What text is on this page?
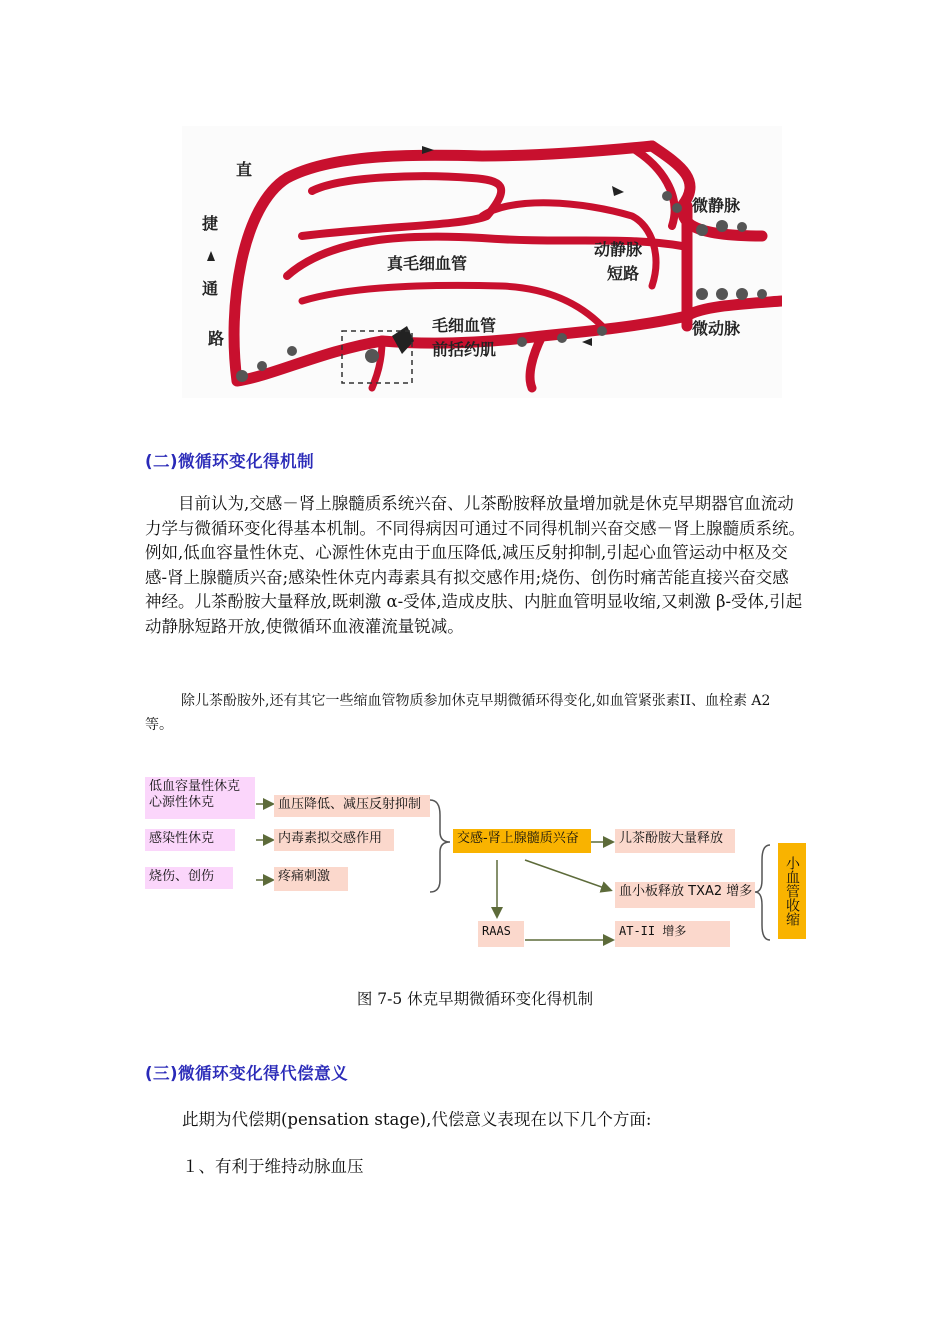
直
捷
通
路
真毛细血管
微静脉
动静脉
短路
毛细血管
前括约肌
微动脉
(二)微循环变化得机制
目前认为,交感－肾上腺髓质系统兴奋、儿茶酚胺释放量增加就是休克早期器官血流动力学与微循环变化得基本机制。不同得病因可通过不同得机制兴奋交感－肾上腺髓质系统。例如,低血容量性休克、心源性休克由于血压降低,减压反射抑制,引起心血管运动中枢及交感-肾上腺髓质兴奋;感染性休克内毒素具有拟交感作用;烧伤、创伤时痛苦能直接兴奋交感神经。儿茶酚胺大量释放,既刺激 α-受体,造成皮肤、内脏血管明显收缩,又刺激 β-受体,引起动静脉短路开放,使微循环血液灌流量锐减。
除儿茶酚胺外,还有其它一些缩血管物质参加休克早期微循环得变化,如血管紧张素II、血栓素 A2 等。
低血容量性休克
心源性休克
感染性休克
烧伤、创伤
血压降低、减压反射抑制
内毒素拟交感作用
疼痛刺激
交感-肾上腺髓质兴奋	儿茶酚胺大量释放
血小板释放 TXA2 增多
RAAS	AT-II 增多
小血管收缩
图 7-5 休克早期微循环变化得机制
(三)微循环变化得代偿意义
此期为代偿期(pensation stage),代偿意义表现在以下几个方面:
１、有利于维持动脉血压
